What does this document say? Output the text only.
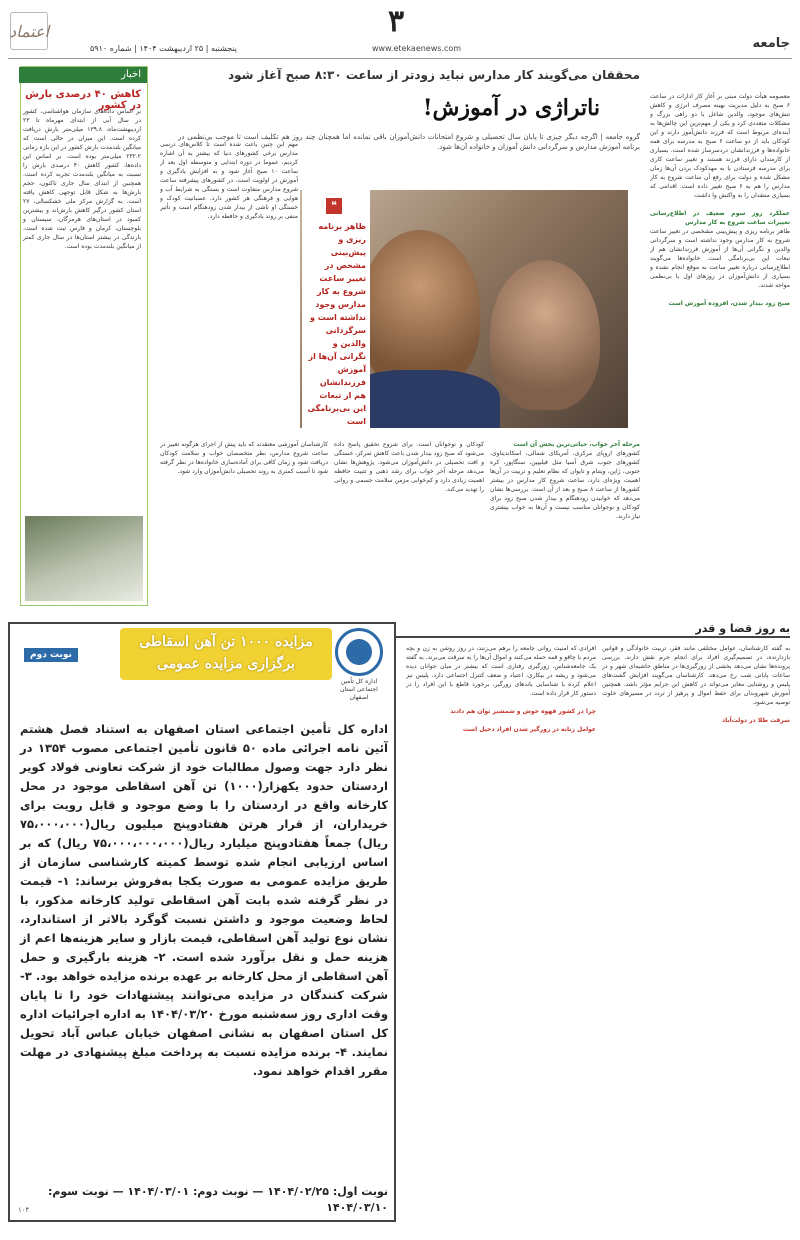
جامعه
۳
www.etekaenews.com
پنجشنبه | ۲۵ اردیبهشت ۱۴۰۴ | شماره ۵۹۱۰
اعتماد
اخبار
کاهش ۴۰ درصدی بارش در کشور
بر اساس داده‌های سازمان هواشناسی، کشور در سال آبی از ابتدای مهرماه تا ۲۳ اردیبهشت‌ماه، ۱۳۹.۸ میلی‌متر بارش دریافت کرده است. این میزان در حالی است که میانگین بلندمدت بارش کشور در این بازه زمانی ۲۳۲.۲ میلی‌متر بوده است. بر اساس این داده‌ها، کشور کاهش ۴۰ درصدی بارش را نسبت به میانگین بلندمدت تجربه کرده است. همچنین از ابتدای سال جاری تاکنون، حجم بارش‌ها به شکل قابل توجهی کاهش یافته است. به گزارش مرکز ملی خشکسالی، ۲۷ استان کشور درگیر کاهش بارش‌اند و بیشترین کمبود در استان‌های هرمزگان، سیستان و بلوچستان، کرمان و فارس ثبت شده است. بارندگی در بیشتر استان‌ها در سال جاری کمتر از میانگین بلندمدت بوده است.
محققان می‌گویند کار مدارس نباید زودتر از ساعت ۸:۳۰ صبح آغاز شود
نا‌تراژی در آموزش!	معصومه هیأت دولت مبنی بر آغاز کار ادارات در ساعت ۶ صبح به دلیل مدیریت بهینه مصرف انرژی و کاهش تنش‌های موجود، والدین شاغل با دو راهی بزرگ و مشکلات متعددی کرد و یکی از مهم‌ترین این چالش‌ها به آینده‌ای مربوط است که فرزند دانش‌آموز دارند و این کودکان باید از دو ساعت ۶ صبح به مدرسه برای همه خانواده‌ها و فرزندانشان دردسرساز شده است. بسیاری از کارمندان دارای فرزند هستند و تغییر ساعت کاری برای مدرسه فرستادن یا به مهدکودک بردن آن‌ها زمان مشکل شده و دولت برای رفع آن ساعت شروع به کار مدارس را هم به ۶ صبح تغییر داده است. اقدامی که بسیاری منتقدان را به واکنش وا داشت.

عملکرد روز سوم ضعیف در اطلاع‌رسانی تغییرات ساعت شروع به کار مدارس
طاهر برنامه ریزی و پیش‌بینی مشخصی در تغییر ساعت شروع به کار مدارس وجود نداشته است و سرگردانی والدین و نگرانی آن‌ها از آموزش فرزندانشان هم از تبعات این بی‌برنامگی است. خانواده‌ها می‌گویند اطلاع‌رسانی درباره تغییر ساعت به موقع انجام نشده و بسیاری از دانش‌آموزان در روزهای اول با بی‌نظمی مواجه شدند.

صبح زود بیدار شدن، افزوده آموزش است
گروه جامعه | اگرچه دیگر چیزی تا پایان سال تحصیلی و شروع امتحانات دانش‌آموزان باقی نمانده اما همچنان چند روز هم تکلیف است تا موجب بی‌نظمی در برنامه آموزش مدارس و سرگردانی دانش آموزان و خانواده آن‌ها شود.
❝
ظاهر برنامه ریزی و پیش‌بینی مشخص در تغییر ساعت شروع به کار مدارس وجود نداشته است و سرگردانی والدین و نگرانی آن‌ها از آموزش فرزندانشان هم از تبعات این بی‌برنامگی است
مهم این چنین باعث شده است تا کلاس‌های درسی مدارس برخی کشورهای دنیا که بیشتر به آن اشاره کردیم، عموما در دوره ابتدایی و متوسطه اول بعد از ساعت ۱۰ صبح آغاز شود و به افزایش یادگیری و آموزش در اولویت است. در کشورهای پیشرفته ساعت شروع مدارس متفاوت است و بستگی به شرایط آب و هوایی و فرهنگی هر کشور دارد. عصبانیت کودک و خستگی او ناشی از بیدار شدن زودهنگام است و تأثیر منفی بر روند یادگیری و حافظه دارد.
مرحله آخر خواب، حیاتی‌ترین بخش آن است
کشورهای اروپای مرکزی، آمریکای شمالی، اسکاندیناوی، کشورهای جنوب شرق آسیا مثل فیلیپین، سنگاپور، کره جنوبی، ژاپن، ویتنام و تایوان که نظام تعلیم و تربیت در آن‌ها اهمیت ویژه‌ای دارد، ساعت شروع کار مدارس در بیشتر کشورها از ساعت ۸ صبح و بعد از آن است. بررسی‌ها نشان می‌دهد که خوابیدن زودهنگام و بیدار شدن صبح زود برای کودکان و نوجوانان مناسب نیست و آن‌ها به خواب بیشتری نیاز دارند.
کودکان و نوجوانان است. برای شروع تحقیق پاسخ داده می‌شود که صبح زود بیدار شدن باعث کاهش تمرکز، خستگی و افت تحصیلی در دانش‌آموزان می‌شود. پژوهش‌ها نشان می‌دهد مرحله آخر خواب برای رشد ذهنی و تثبیت حافظه اهمیت زیادی دارد و کم‌خوابی مزمن سلامت جسمی و روانی را تهدید می‌کند.
کارشناسان آموزشی معتقدند که باید پیش از اجرای هرگونه تغییر در ساعت شروع مدارس، نظر متخصصان خواب و سلامت کودکان دریافت شود و زمان کافی برای آماده‌سازی خانواده‌ها در نظر گرفته شود تا آسیب کمتری به روند تحصیلی دانش‌آموزان وارد شود.
به روز قضا و قدر
به گفته کارشناسان، عوامل مختلفی مانند فقر، تربیت خانوادگی و قوانین بازدارنده، در تصمیم‌گیری افراد برای انجام جرم نقش دارند. بررسی پرونده‌ها نشان می‌دهد بخشی از زورگیری‌ها در مناطق حاشیه‌ای شهر و در ساعات پایانی شب رخ می‌دهد. کارشناسان می‌گویند افزایش گشت‌های پلیس و روشنایی معابر می‌تواند در کاهش این جرایم مؤثر باشد. همچنین آموزش شهروندان برای حفظ اموال و پرهیز از تردد در مسیرهای خلوت توصیه می‌شود.

سرقت طلا در دولت‌آباد
افرادی که امنیت روانی جامعه را برهم می‌زنند، در روز روشن به زن و بچه مردم با چاقو و قمه حمله می‌کنند و اموال آن‌ها را به سرقت می‌برند. به گفته یک جامعه‌شناس، زورگیری رفتاری است که بیشتر در میان جوانان دیده می‌شود و ریشه در بیکاری، اعتیاد و ضعف کنترل اجتماعی دارد. پلیس نیز اعلام کرده با شناسایی باندهای زورگیر، برخورد قاطع با این افراد را در دستور کار قرار داده است.

چرا در کشور قهوه‌ خوش و شمشیر توان هم دادند

عوامل زنانه در زورگیر شدن افراد دخیل است
مزایده ۱۰۰۰ تن آهن اسقاطی
برگزاری مزایده عمومی
نوبت دوم
اداره کل تأمین اجتماعی استان اصفهان
اداره کل تأمین اجتماعی استان اصفهان به استناد فصل هشتم آئین نامه اجرائی ماده ۵۰ قانون تأمین اجتماعی مصوب ۱۳۵۴ در نظر دارد جهت وصول مطالبات خود از شرکت تعاونی فولاد کویر اردستان حدود یکهزار(۱۰۰۰) تن آهن اسقاطی موجود در محل کارخانه واقع در اردستان را با وضع موجود و قابل رویت برای خریداران، از قرار هرتن هفتادوپنج میلیون ریال(۷۵،۰۰۰،۰۰۰ ریال) جمعاً هفتادوپنج میلیارد ریال(۷۵،۰۰۰،۰۰۰،۰۰۰ ریال) که بر اساس ارزیابی انجام شده توسط کمیته کارشناسی سازمان از طریق مزایده عمومی به صورت یکجا به‌فروش برساند: ۱- قیمت در نظر گرفته شده بابت آهن اسقاطی تولید کارخانه مذکور، با لحاظ وضعیت موجود و داشتن نسبت گوگرد بالاتر از استاندارد، نشان نوع تولید آهن اسقاطی، قیمت بازار و سایر هزینه‌ها اعم از هزینه حمل و نقل برآورد شده است. ۲- هزینه بارگیری و حمل آهن اسقاطی از محل کارخانه بر عهده برنده مزایده خواهد بود. ۳- شرکت کنندگان در مزایده می‌توانند پیشنهادات خود را تا پایان وقت اداری روز سه‌شنبه مورخ ۱۴۰۴/۰۳/۲۰ به اداره اجرائیات اداره کل استان اصفهان به نشانی اصفهان خیابان عباس آباد تحویل نمایند. ۴- برنده مزایده نسبت به پرداخت مبلغ پیشنهادی در مهلت مقرر اقدام خواهد نمود.
نوبت اول: ۱۴۰۴/۰۲/۲۵ — نوبت دوم: ۱۴۰۴/۰۳/۰۱ — نوبت سوم: ۱۴۰۴/۰۳/۱۰
۱۰۴
